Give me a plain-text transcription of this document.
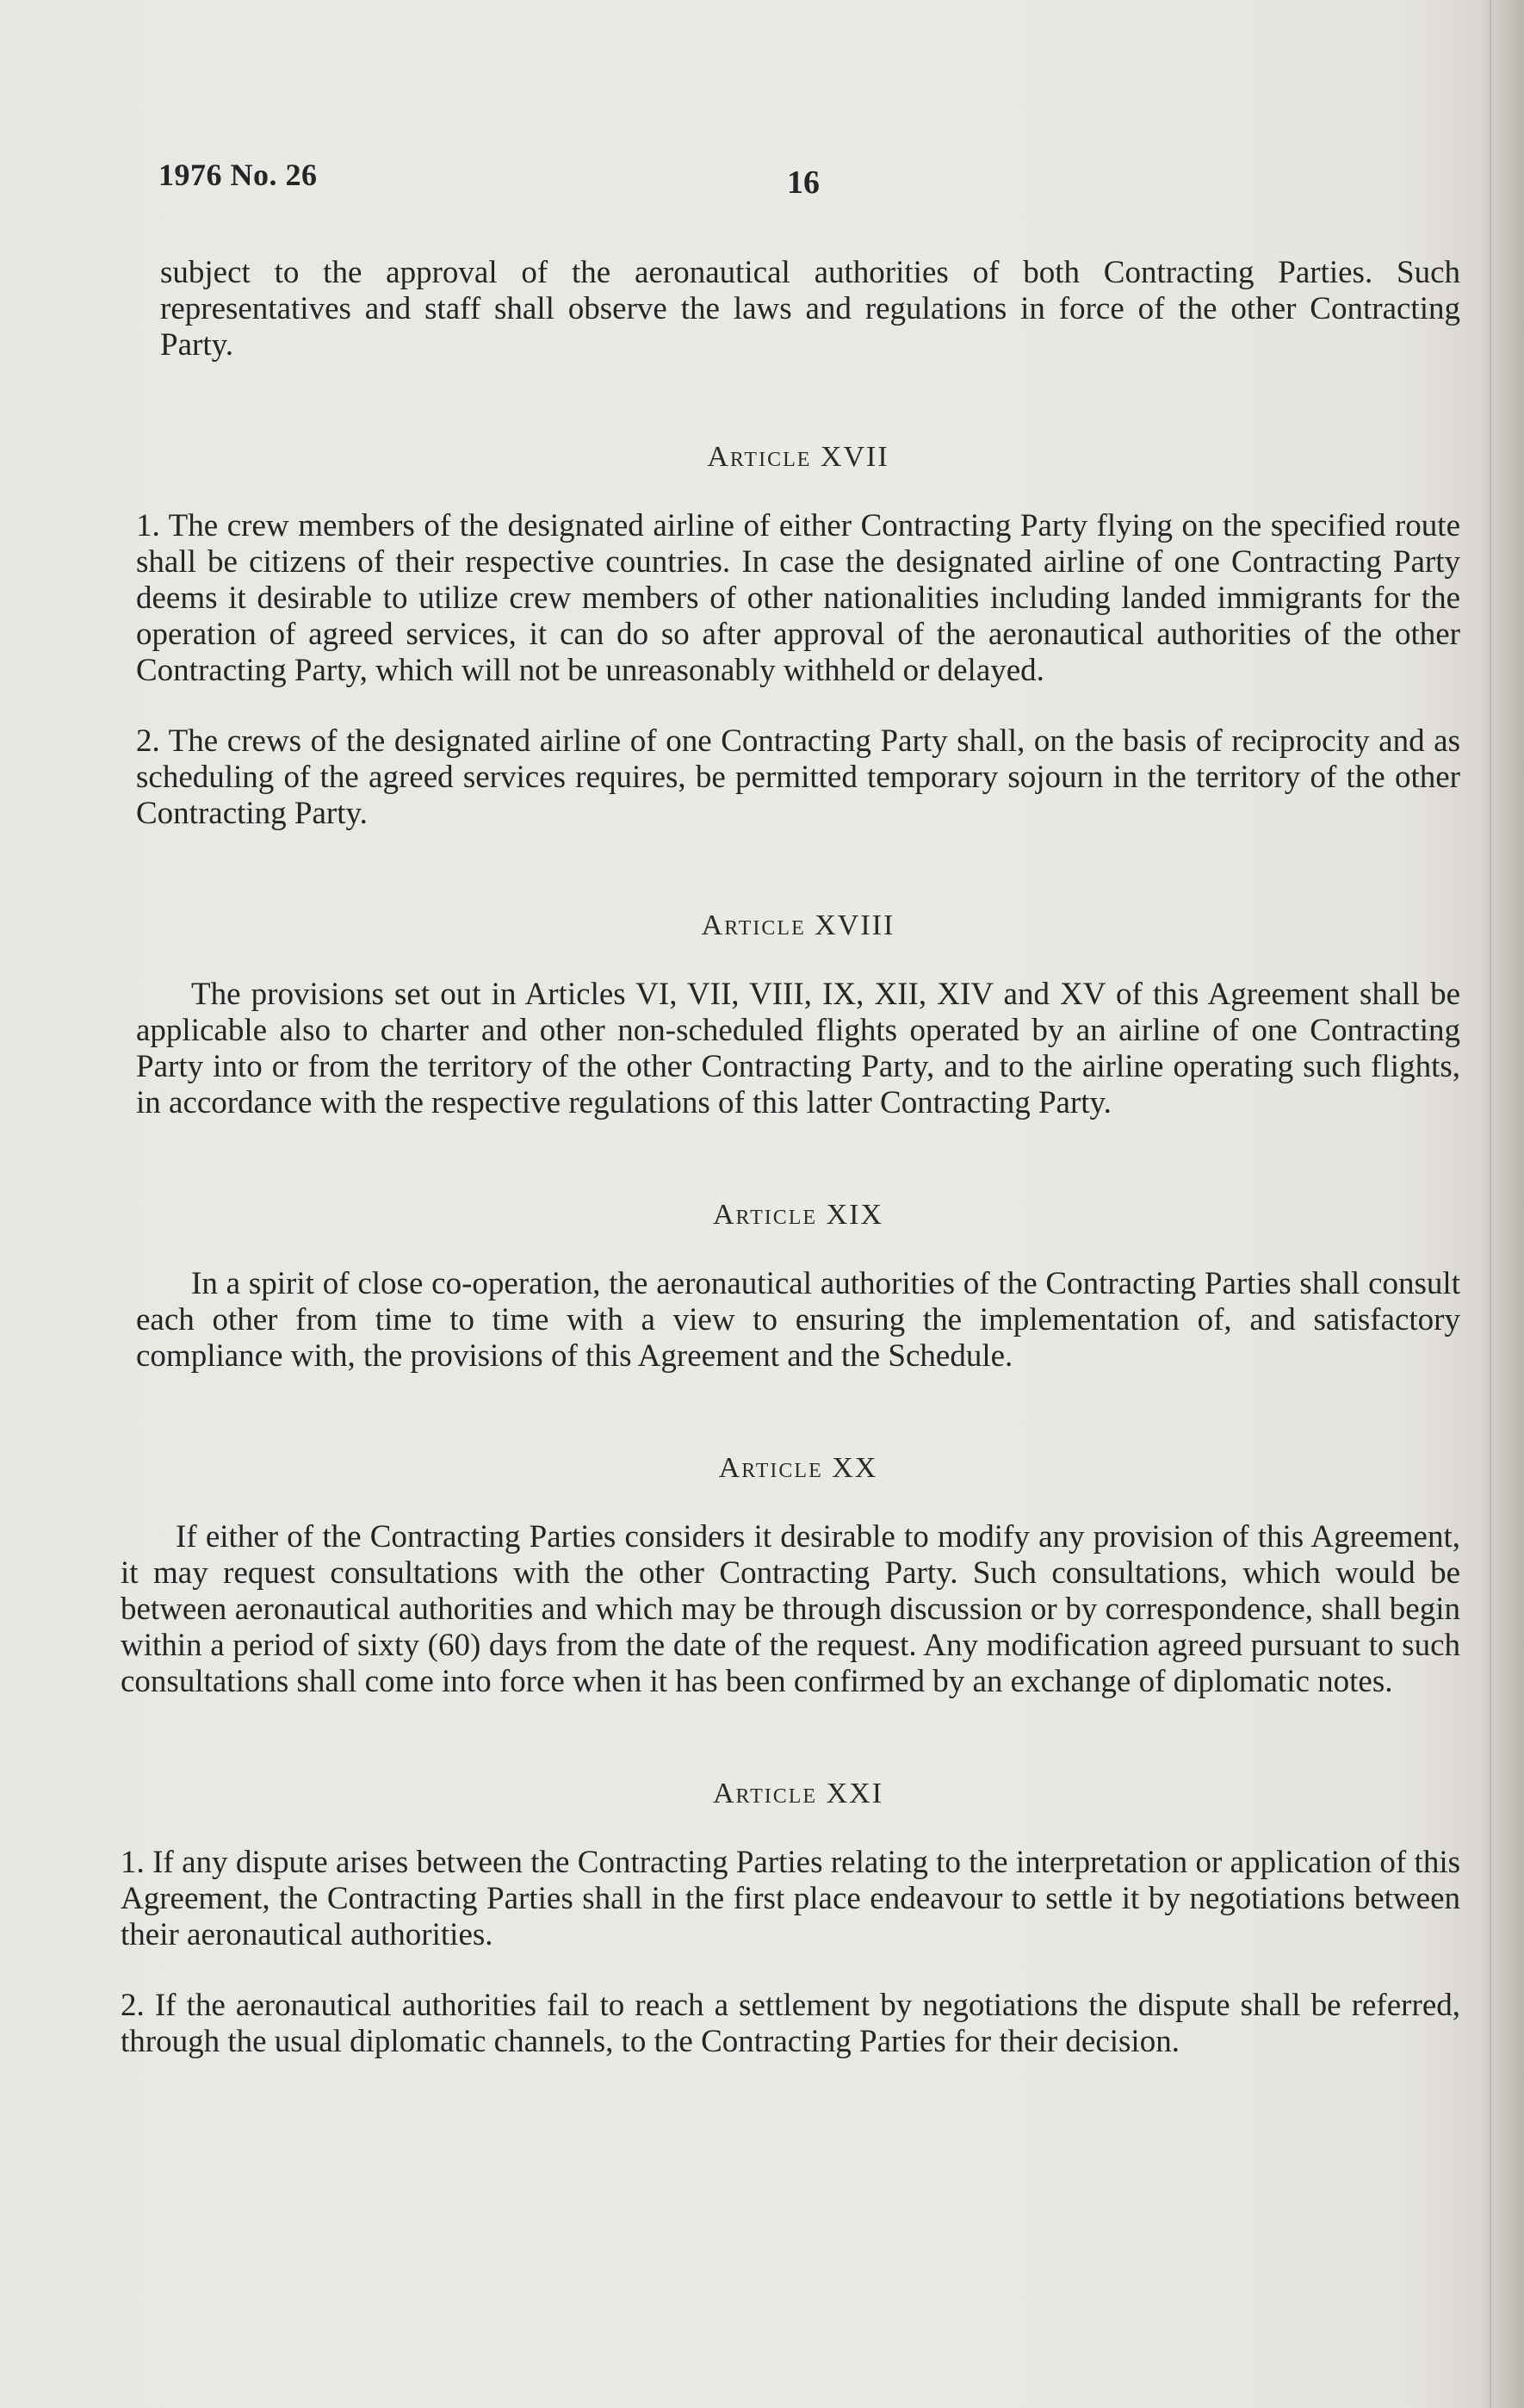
1976 No. 26	16

subject to the approval of the aeronautical authorities of both Contracting Parties. Such representatives and staff shall observe the laws and regulations in force of the other Contracting Party.

Article XVII

1. The crew members of the designated airline of either Contracting Party flying on the specified route shall be citizens of their respective countries. In case the designated airline of one Contracting Party deems it desirable to utilize crew members of other nationalities including landed immigrants for the operation of agreed services, it can do so after approval of the aeronautical authorities of the other Contracting Party, which will not be unreasonably withheld or delayed.

2. The crews of the designated airline of one Contracting Party shall, on the basis of reciprocity and as scheduling of the agreed services requires, be permitted temporary sojourn in the territory of the other Contracting Party.

Article XVIII

The provisions set out in Articles VI, VII, VIII, IX, XII, XIV and XV of this Agreement shall be applicable also to charter and other non-scheduled flights operated by an airline of one Contracting Party into or from the territory of the other Contracting Party, and to the airline operating such flights, in accordance with the respective regulations of this latter Contracting Party.

Article XIX

In a spirit of close co-operation, the aeronautical authorities of the Contracting Parties shall consult each other from time to time with a view to ensuring the implementation of, and satisfactory compliance with, the provisions of this Agreement and the Schedule.

Article XX

If either of the Contracting Parties considers it desirable to modify any provision of this Agreement, it may request consultations with the other Contracting Party. Such consultations, which would be between aeronautical authorities and which may be through discussion or by correspondence, shall begin within a period of sixty (60) days from the date of the request. Any modification agreed pursuant to such consultations shall come into force when it has been confirmed by an exchange of diplomatic notes.

Article XXI

1. If any dispute arises between the Contracting Parties relating to the interpretation or application of this Agreement, the Contracting Parties shall in the first place endeavour to settle it by negotiations between their aeronautical authorities.

2. If the aeronautical authorities fail to reach a settlement by negotiations the dispute shall be referred, through the usual diplomatic channels, to the Contracting Parties for their decision.
